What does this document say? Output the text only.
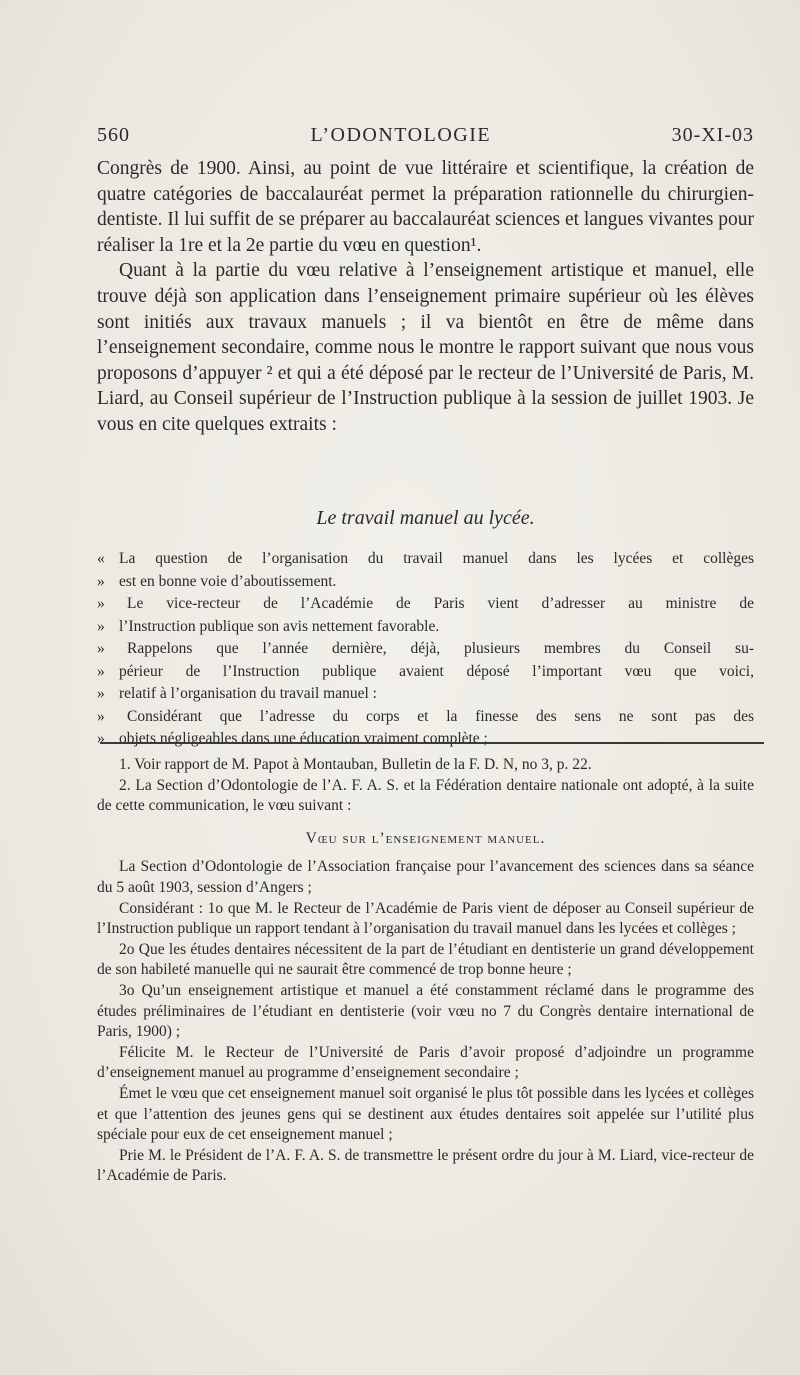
560	L’ODONTOLOGIE	30-XI-03

Congrès de 1900. Ainsi, au point de vue littéraire et scientifique, la création de quatre catégories de baccalauréat permet la préparation rationnelle du chirurgien-dentiste. Il lui suffit de se préparer au baccalauréat sciences et langues vivantes pour réaliser la 1re et la 2e partie du vœu en question¹.

Quant à la partie du vœu relative à l’enseignement artistique et manuel, elle trouve déjà son application dans l’enseignement primaire supérieur où les élèves sont initiés aux travaux manuels ; il va bientôt en être de même dans l’enseignement secondaire, comme nous le montre le rapport suivant que nous vous proposons d’appuyer ² et qui a été déposé par le recteur de l’Université de Paris, M. Liard, au Conseil supérieur de l’Instruction publique à la session de juillet 1903. Je vous en cite quelques extraits :

Le travail manuel au lycée.
« La question de l’organisation du travail manuel dans les lycées et collèges
» est en bonne voie d’aboutissement.
»	Le vice-recteur de l’Académie de Paris vient d’adresser au ministre de
» l’Instruction publique son avis nettement favorable.
»	Rappelons que l’année dernière, déjà, plusieurs membres du Conseil su-
» périeur de l’Instruction publique avaient déposé l’important vœu que voici,
» relatif à l’organisation du travail manuel :
»	Considérant que l’adresse du corps et la finesse des sens ne sont pas des
» objets négligeables dans une éducation vraiment complète ;

1. Voir rapport de M. Papot à Montauban, Bulletin de la F. D. N, no 3, p. 22.

2. La Section d’Odontologie de l’A. F. A. S. et la Fédération dentaire nationale ont adopté, à la suite de cette communication, le vœu suivant :

Vœu sur l’enseignement manuel.

La Section d’Odontologie de l’Association française pour l’avancement des sciences dans sa séance du 5 août 1903, session d’Angers ;

Considérant : 1o que M. le Recteur de l’Académie de Paris vient de déposer au Conseil supérieur de l’Instruction publique un rapport tendant à l’organisation du travail manuel dans les lycées et collèges ;

2o Que les études dentaires nécessitent de la part de l’étudiant en dentisterie un grand développement de son habileté manuelle qui ne saurait être commencé de trop bonne heure ;

3o Qu’un enseignement artistique et manuel a été constamment réclamé dans le programme des études préliminaires de l’étudiant en dentisterie (voir vœu no 7 du Congrès dentaire international de Paris, 1900) ;

Félicite M. le Recteur de l’Université de Paris d’avoir proposé d’adjoindre un programme d’enseignement manuel au programme d’enseignement secondaire ;

Émet le vœu que cet enseignement manuel soit organisé le plus tôt possible dans les lycées et collèges et que l’attention des jeunes gens qui se destinent aux études dentaires soit appelée sur l’utilité plus spéciale pour eux de cet enseignement manuel ;

Prie M. le Président de l’A. F. A. S. de transmettre le présent ordre du jour à M. Liard, vice-recteur de l’Académie de Paris.
